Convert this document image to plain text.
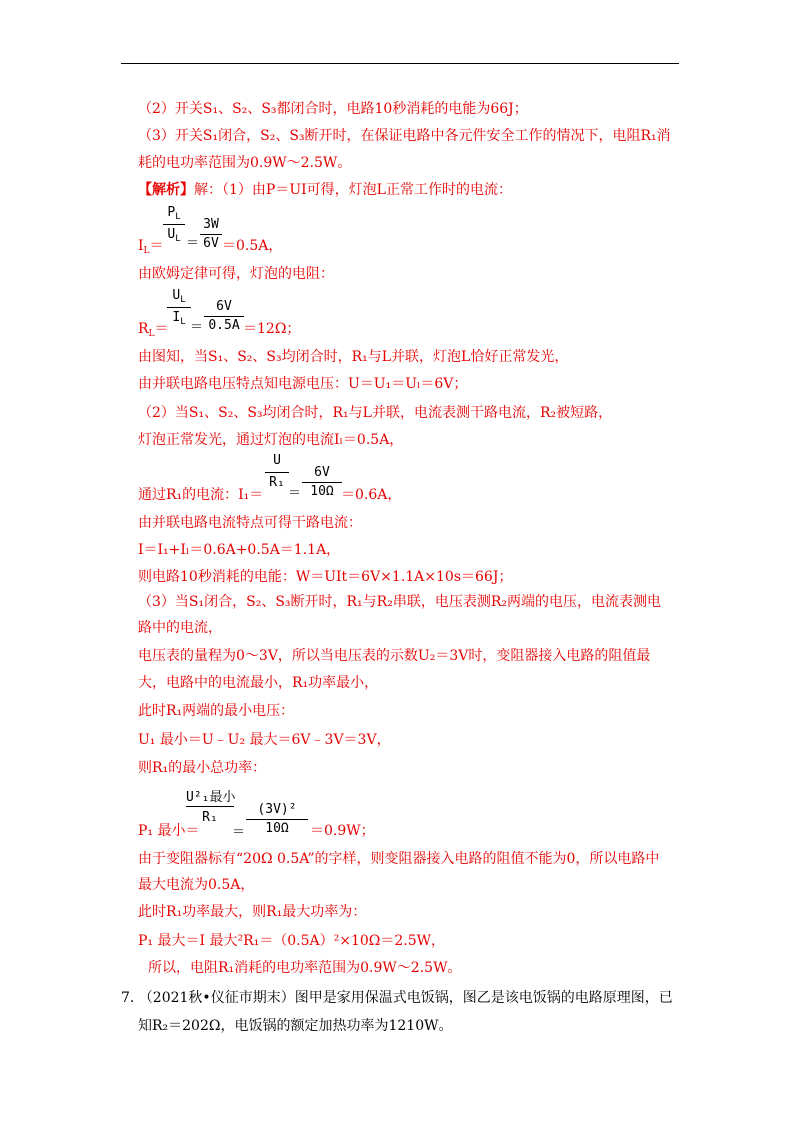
（2）开关S₁、S₂、S₃都闭合时，电路10秒消耗的电能为66J；
（3）开关S₁闭合，S₂、S₃断开时，在保证电路中各元件安全工作的情况下，电阻R₁消
耗的电功率范围为0.9W～2.5W。
【解析】解：（1）由P＝UI可得，灯泡L正常工作时的电流：
$I_L=$
$P_L$
$U_L$ ＝
3W
6V ＝0.5A，
由欧姆定律可得，灯泡的电阻：
$R_L=$
$U_L$
$I_L$ ＝
6V
0.5A ＝12Ω；
由图知，当S₁、S₂、S₃均闭合时，R₁与L并联，灯泡L恰好正常发光，
由并联电路电压特点知电源电压：U＝U₁＝Uₗ＝6V；
（2）当S₁、S₂、S₃均闭合时，R₁与L并联，电流表测干路电流，R₂被短路，
灯泡正常发光，通过灯泡的电流Iₗ＝0.5A，
通过R₁的电流：I₁＝
U
R₁
＝
6V
10Ω ＝0.6A，
由并联电路电流特点可得干路电流：
I＝I₁+Iₗ＝0.6A+0.5A＝1.1A，
则电路10秒消耗的电能：W＝UIt＝6V×1.1A×10s＝66J；
（3）当S₁闭合，S₂、S₃断开时，R₁与R₂串联，电压表测R₂两端的电压，电流表测电
路中的电流，
电压表的量程为0～3V，所以当电压表的示数U₂＝3V时，变阻器接入电路的阻值最
大，电路中的电流最小，R₁功率最小，
此时R₁两端的最小电压：
U₁ 最小＝U﹣U₂ 最大＝6V﹣3V＝3V，
则R₁的最小总功率：
P₁ 最小＝
U²₁最小
R₁
＝
(3V)²
10Ω	＝0.9W；
由于变阻器标有“20Ω 0.5A”的字样，则变阻器接入电路的阻值不能为0，所以电路中
最大电流为0.5A，
此时R₁功率最大，则R₁最大功率为：
P₁ 最大＝I 最大²R₁＝（0.5A）²×10Ω＝2.5W，
所以，电阻R₁消耗的电功率范围为0.9W～2.5W。
7. （2021秋•仪征市期末）图甲是家用保温式电饭锅，图乙是该电饭锅的电路原理图，已
知R₂＝202Ω，电饭锅的额定加热功率为1210W。
